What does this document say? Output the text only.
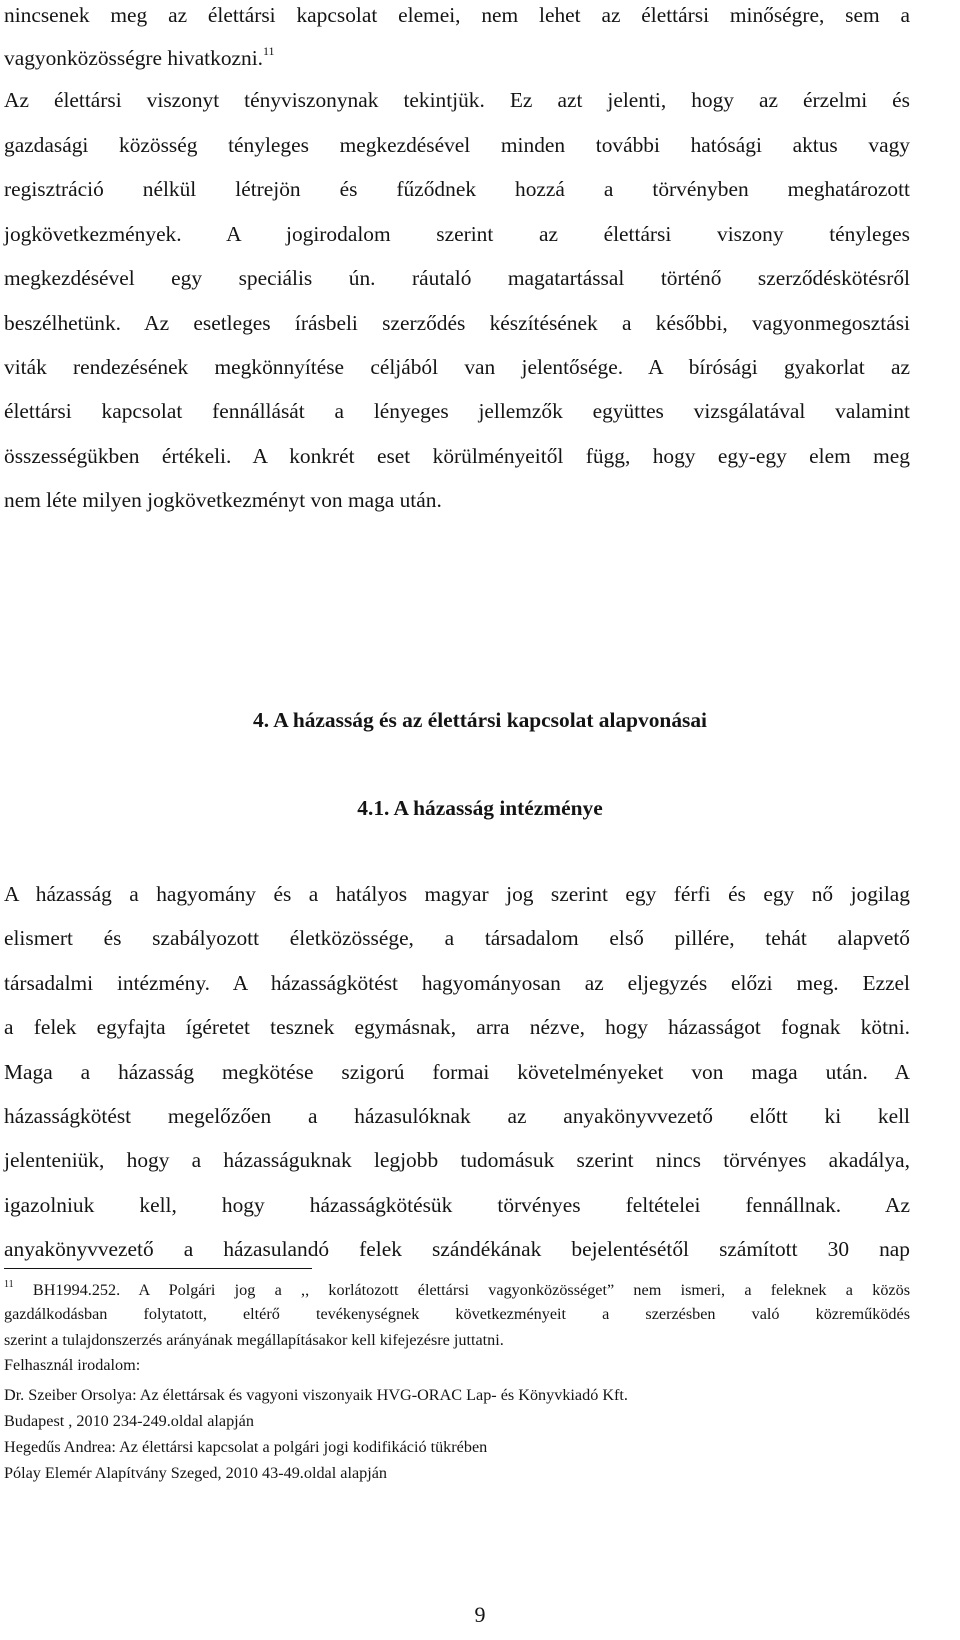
nincsenek meg az élettársi kapcsolat elemei, nem lehet az élettársi minőségre, sem a
vagyonközösségre hivatkozni.$^{11}$
Az élettársi viszonyt tényviszonynak tekintjük. Ez azt jelenti, hogy az érzelmi és
gazdasági közösség tényleges megkezdésével minden további hatósági aktus vagy
regisztráció nélkül létrejön és fűződnek hozzá a törvényben meghatározott
jogkövetkezmények. A jogirodalom szerint az élettársi viszony tényleges
megkezdésével egy speciális ún. ráutaló magatartással történő szerződéskötésről
beszélhetünk. Az esetleges írásbeli szerződés készítésének a későbbi, vagyonmegosztási
viták rendezésének megkönnyítése céljából van jelentősége. A bírósági gyakorlat az
élettársi kapcsolat fennállását a lényeges jellemzők együttes vizsgálatával valamint
összességükben értékeli. A konkrét eset körülményeitől függ, hogy egy-egy elem meg
nem léte milyen jogkövetkezményt von maga után.
4. A házasság és az élettársi kapcsolat alapvonásai
4.1. A házasság intézménye
A házasság a hagyomány és a hatályos magyar jog szerint egy férfi és egy nő jogilag
elismert és szabályozott életközössége, a társadalom első pillére, tehát alapvető
társadalmi intézmény. A házasságkötést hagyományosan az eljegyzés előzi meg. Ezzel
a felek egyfajta ígéretet tesznek egymásnak, arra nézve, hogy házasságot fognak kötni.
Maga a házasság megkötése szigorú formai követelményeket von maga után. A
házasságkötést megelőzően a házasulóknak az anyakönyvvezető előtt ki kell
jelenteniük, hogy a házasságuknak legjobb tudomásuk szerint nincs törvényes akadálya,
igazolniuk kell, hogy házasságkötésük törvényes feltételei fennállnak. Az
anyakönyvvezető a házasulandó felek szándékának bejelentésétől számított 30 nap
$^{11}$ BH1994.252. A Polgári jog a ,, korlátozott élettársi vagyonközösséget” nem ismeri, a feleknek a közös
gazdálkodásban folytatott, eltérő tevékenységnek következményeit a szerzésben való közreműködés
szerint a tulajdonszerzés arányának megállapításakor kell kifejezésre juttatni.
Felhasznál irodalom:
Dr. Szeiber Orsolya: Az élettársak és vagyoni viszonyaik HVG-ORAC Lap- és Könyvkiadó Kft.
Budapest , 2010 234-249.oldal alapján
Hegedűs Andrea: Az élettársi kapcsolat a polgári jogi kodifikáció tükrében
Pólay Elemér Alapítvány Szeged, 2010 43-49.oldal alapján
9
